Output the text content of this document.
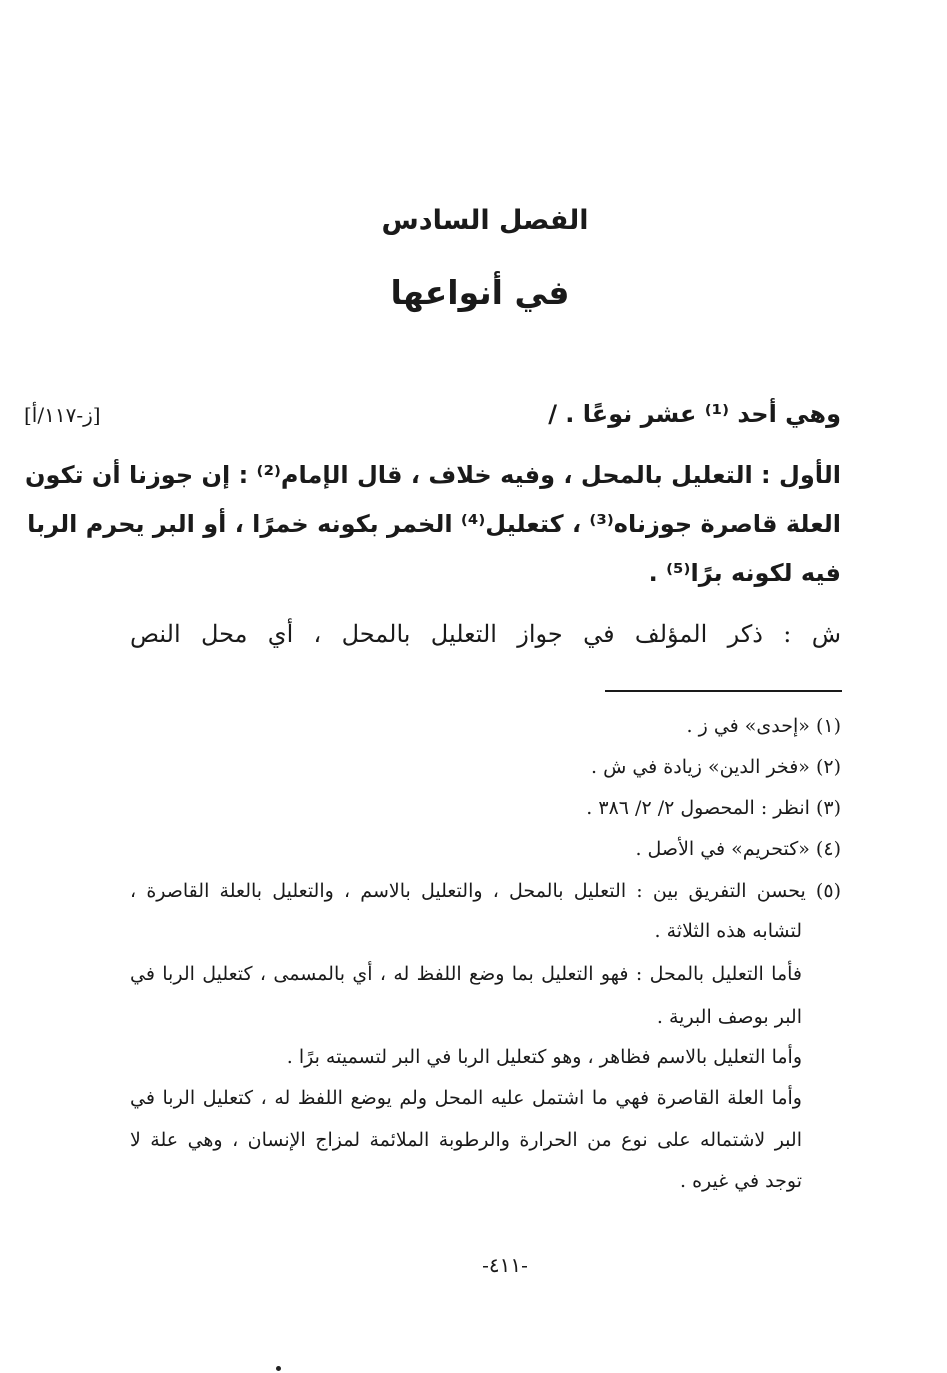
الفصل السادس
في أنواعها
[ز-١١٧/أ]	وهي أحد ⁽¹⁾ عشر نوعًا . /
الأول : التعليل بالمحل ، وفيه خلاف ، قال الإمام⁽²⁾ : إن جوزنا أن تكون
العلة قاصرة جوزناه⁽³⁾ ، كتعليل⁽⁴⁾ الخمر بكونه خمرًا ، أو البر يحرم الربا
فيه لكونه برًا⁽⁵⁾ .
ش : ذكر المؤلف في جواز التعليل بالمحل ، أي محل النص
(١) «إحدى» في ز .
(٢) «فخر الدين» زيادة في ش .
(٣) انظر : المحصول ٢/ ٢/ ٣٨٦ .
(٤) «كتحريم» في الأصل .
(٥) يحسن التفريق بين : التعليل بالمحل ، والتعليل بالاسم ، والتعليل بالعلة القاصرة ،
لتشابه هذه الثلاثة .
فأما التعليل بالمحل : فهو التعليل بما وضع اللفظ له ، أي بالمسمى ، كتعليل الربا في
البر بوصف البرية .
وأما التعليل بالاسم فظاهر ، وهو كتعليل الربا في البر لتسميته برًا .
وأما العلة القاصرة فهي ما اشتمل عليه المحل ولم يوضع اللفظ له ، كتعليل الربا في
البر لاشتماله على نوع من الحرارة والرطوبة الملائمة لمزاج الإنسان ، وهي علة لا
توجد في غيره .
-٤١١-
